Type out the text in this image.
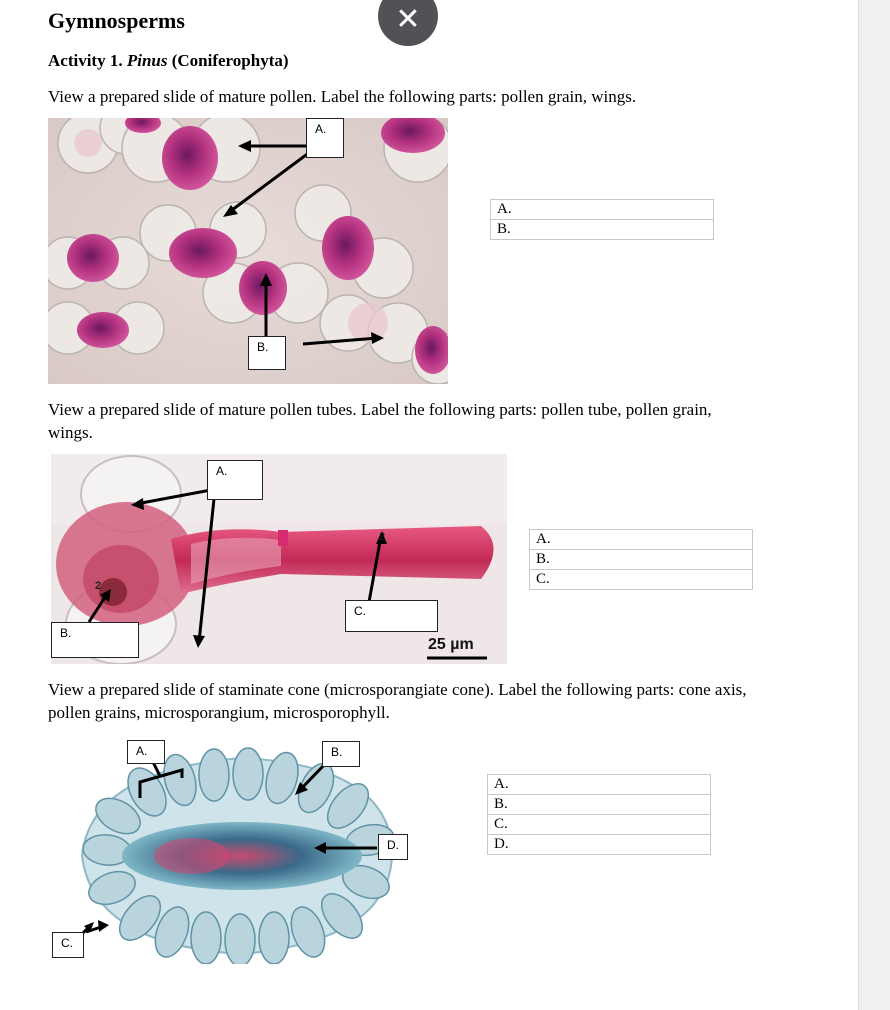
Gymnosperms
Activity 1. Pinus (Coniferophyta)
View a prepared slide of mature pollen. Label the following parts: pollen grain, wings.
A.
B.
A.
B.
View a prepared slide of mature pollen tubes. Label the following parts: pollen tube, pollen grain, wings.
2
2
A.
B.
C.
25 µm
A.
B.
C.
View a prepared slide of staminate cone (microsporangiate cone). Label the following parts: cone axis, pollen grains, microsporangium, microsporophyll.
A.	B.
C.
D.
A.
B.
C.
D.
✕
